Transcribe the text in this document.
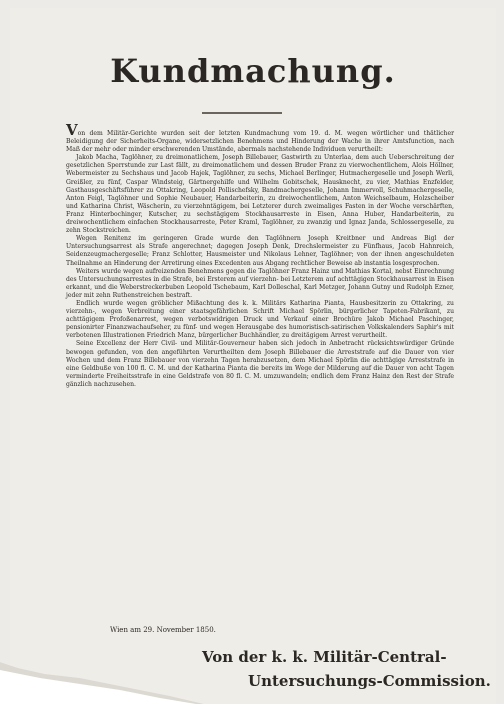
Kundmachung.

Von dem Militär-Gerichte wurden seit der letzten Kundmachung vom 19. d. M. wegen wörtlicher und thätlicher Beleidigung der Sicherheits-Organe, widersetzlichen Benehmens und Hinderung der Wache in ihrer Amtsfunction, nach Maß der mehr oder minder erschwerenden Umstände, abermals nachstehende Individuen verurtheilt:

Jakob Macha, Taglöhner, zu dreimonatlichem, Joseph Billebauer, Gastwirth zu Unterlaa, dem auch Ueberschreitung der gesetzlichen Sperrstunde zur Last fällt, zu dreimonatlichem und dessen Bruder Franz zu vierwochentlichem, Alois Höllner, Webermeister zu Sechshaus und Jacob Hajek, Taglöhner, zu sechs, Michael Berlinger, Hutmachergeselle und Joseph Werli, Greißler, zu fünf, Caspar Windsteig, Gärtnergehilfe und Wilhelm Gobitschek, Hausknecht, zu vier, Mathias Enzfelder, Gasthausgeschäftsführer zu Ottakring, Leopold Pollischefsky, Bandmachergeselle, Johann Immervoll, Schuhmachergeselle, Anton Feigl, Taglöhner und Sophie Neubauer, Handarbeiterin, zu dreiwochentlichem, Anton Weichselbaum, Holzscheiber und Katharina Christ, Wäscherin, zu vierzehntägigem, bei Letzterer durch zweimaliges Fasten in der Woche verschärften, Franz Hinterbochinger, Kutscher, zu sechstägigem Stockhausarreste in Eisen, Anna Huber, Handarbeiterin, zu dreiwochentlichem einfachen Stockhausarreste, Peter Kraml, Taglöhner, zu zwanzig und Ignaz Janda, Schlossergeselle, zu zehn Stockstreichen.

Wegen Renitenz im geringeren Grade wurde den Taglöhnern Joseph Kreitbner und Andreas Bigl der Untersuchungsarrest als Strafe angerechnet; dagegen Joseph Denk, Drechslermeister zu Fünfhaus, Jacob Hahnreich, Seidenzeugmachergeselle; Franz Schlotter, Hausmeister und Nikolaus Lehner, Taglöhner; von der ihnen angeschuldeten Theilnahme an Hinderung der Arretirung eines Excedenten aus Abgang rechtlicher Beweise ab instantia losgesprochen.

Weiters wurde wegen aufreizenden Benehmens gegen die Taglöhner Franz Hainz und Mathias Kortal, nebst Einrechnung des Untersuchungsarrestes in die Strafe, bei Ersterem auf vierzehn- bei Letzterem auf achttägigen Stockhausarrest in Eisen erkannt, und die Weberstreckerbuben Leopold Tschebaum, Karl Dolleschal, Karl Metzger, Johann Gutny und Rudolph Ezner, jeder mit zehn Ruthenstreichen bestraft.

Endlich wurde wegen gröblicher Mißachtung des k. k. Militärs Katharina Pianta, Hausbesitzerin zu Ottakring, zu vierzehn-, wegen Verbreitung einer staatsgefährlichen Schrift Michael Spörlin, bürgerlicher Tapeten-Fabrikant, zu achttägigem Profoßenarrest, wegen verbotswidrigen Druck und Verkauf einer Brochüre Jakob Michael Paschinger, pensionirter Finanzwachaufseher, zu fünf- und wegen Herausgabe des humoristisch-satirischen Volkskalenders Saphir's mit verbotenen Illustrationen Friedrich Manz, bürgerlicher Buchhändler, zu dreitägigem Arrest verurtheilt.

Seine Excellenz der Herr Civil- und Militär-Gouverneur haben sich jedoch in Anbetracht rücksichtswürdiger Gründe bewogen gefunden, von den angeführten Verurtheilten dem Joseph Billebauer die Arreststrafe auf die Dauer von vier Wochen und dem Franz Billebauer von vierzehn Tagen herabzusetzen, dem Michael Spörlin die achttägige Arreststrafe in eine Geldbuße von 100 fl. C. M. und der Katharina Pianta die bereits im Wege der Milderung auf die Dauer von acht Tagen verminderte Freiheitsstrafe in eine Geldstrafe von 80 fl. C. M. umzuwandeln; endlich dem Franz Hainz den Rest der Strafe gänzlich nachzusehen.

Wien am 29. November 1850.
Von der k. k. Militär-Central-
Untersuchungs-Commission.
